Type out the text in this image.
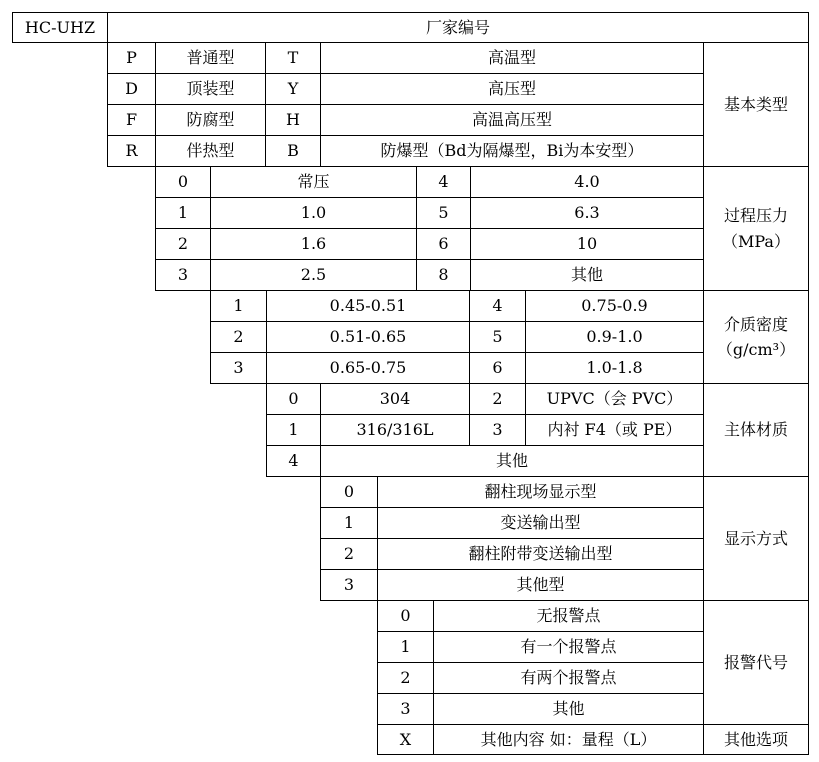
HC-UHZ	厂家编号
P	普通型	T	高温型
D	顶装型	Y	高压型
F	防腐型	H	高温高压型
R	伴热型	B	防爆型（Bd为隔爆型，Bi为本安型）
基本类型
0	常压	4	4.0
1	1.0	5	6.3
2	1.6	6	10
3	2.5	8	其他
过程压力
（MPa）
1	0.45-0.51	4	0.75-0.9
2	0.51-0.65	5	0.9-1.0
3	0.65-0.75	6	1.0-1.8
介质密度
（g/cm³）
0	304	2	UPVC（会 PVC）
1	316/316L	3	内衬 F4（或 PE）
4	其他
主体材质
0	翻柱现场显示型
1	变送输出型
2	翻柱附带变送输出型
3	其他型
显示方式
0	无报警点
1	有一个报警点
2	有两个报警点
3	其他
报警代号
X	其他内容 如：量程（L）	其他选项
